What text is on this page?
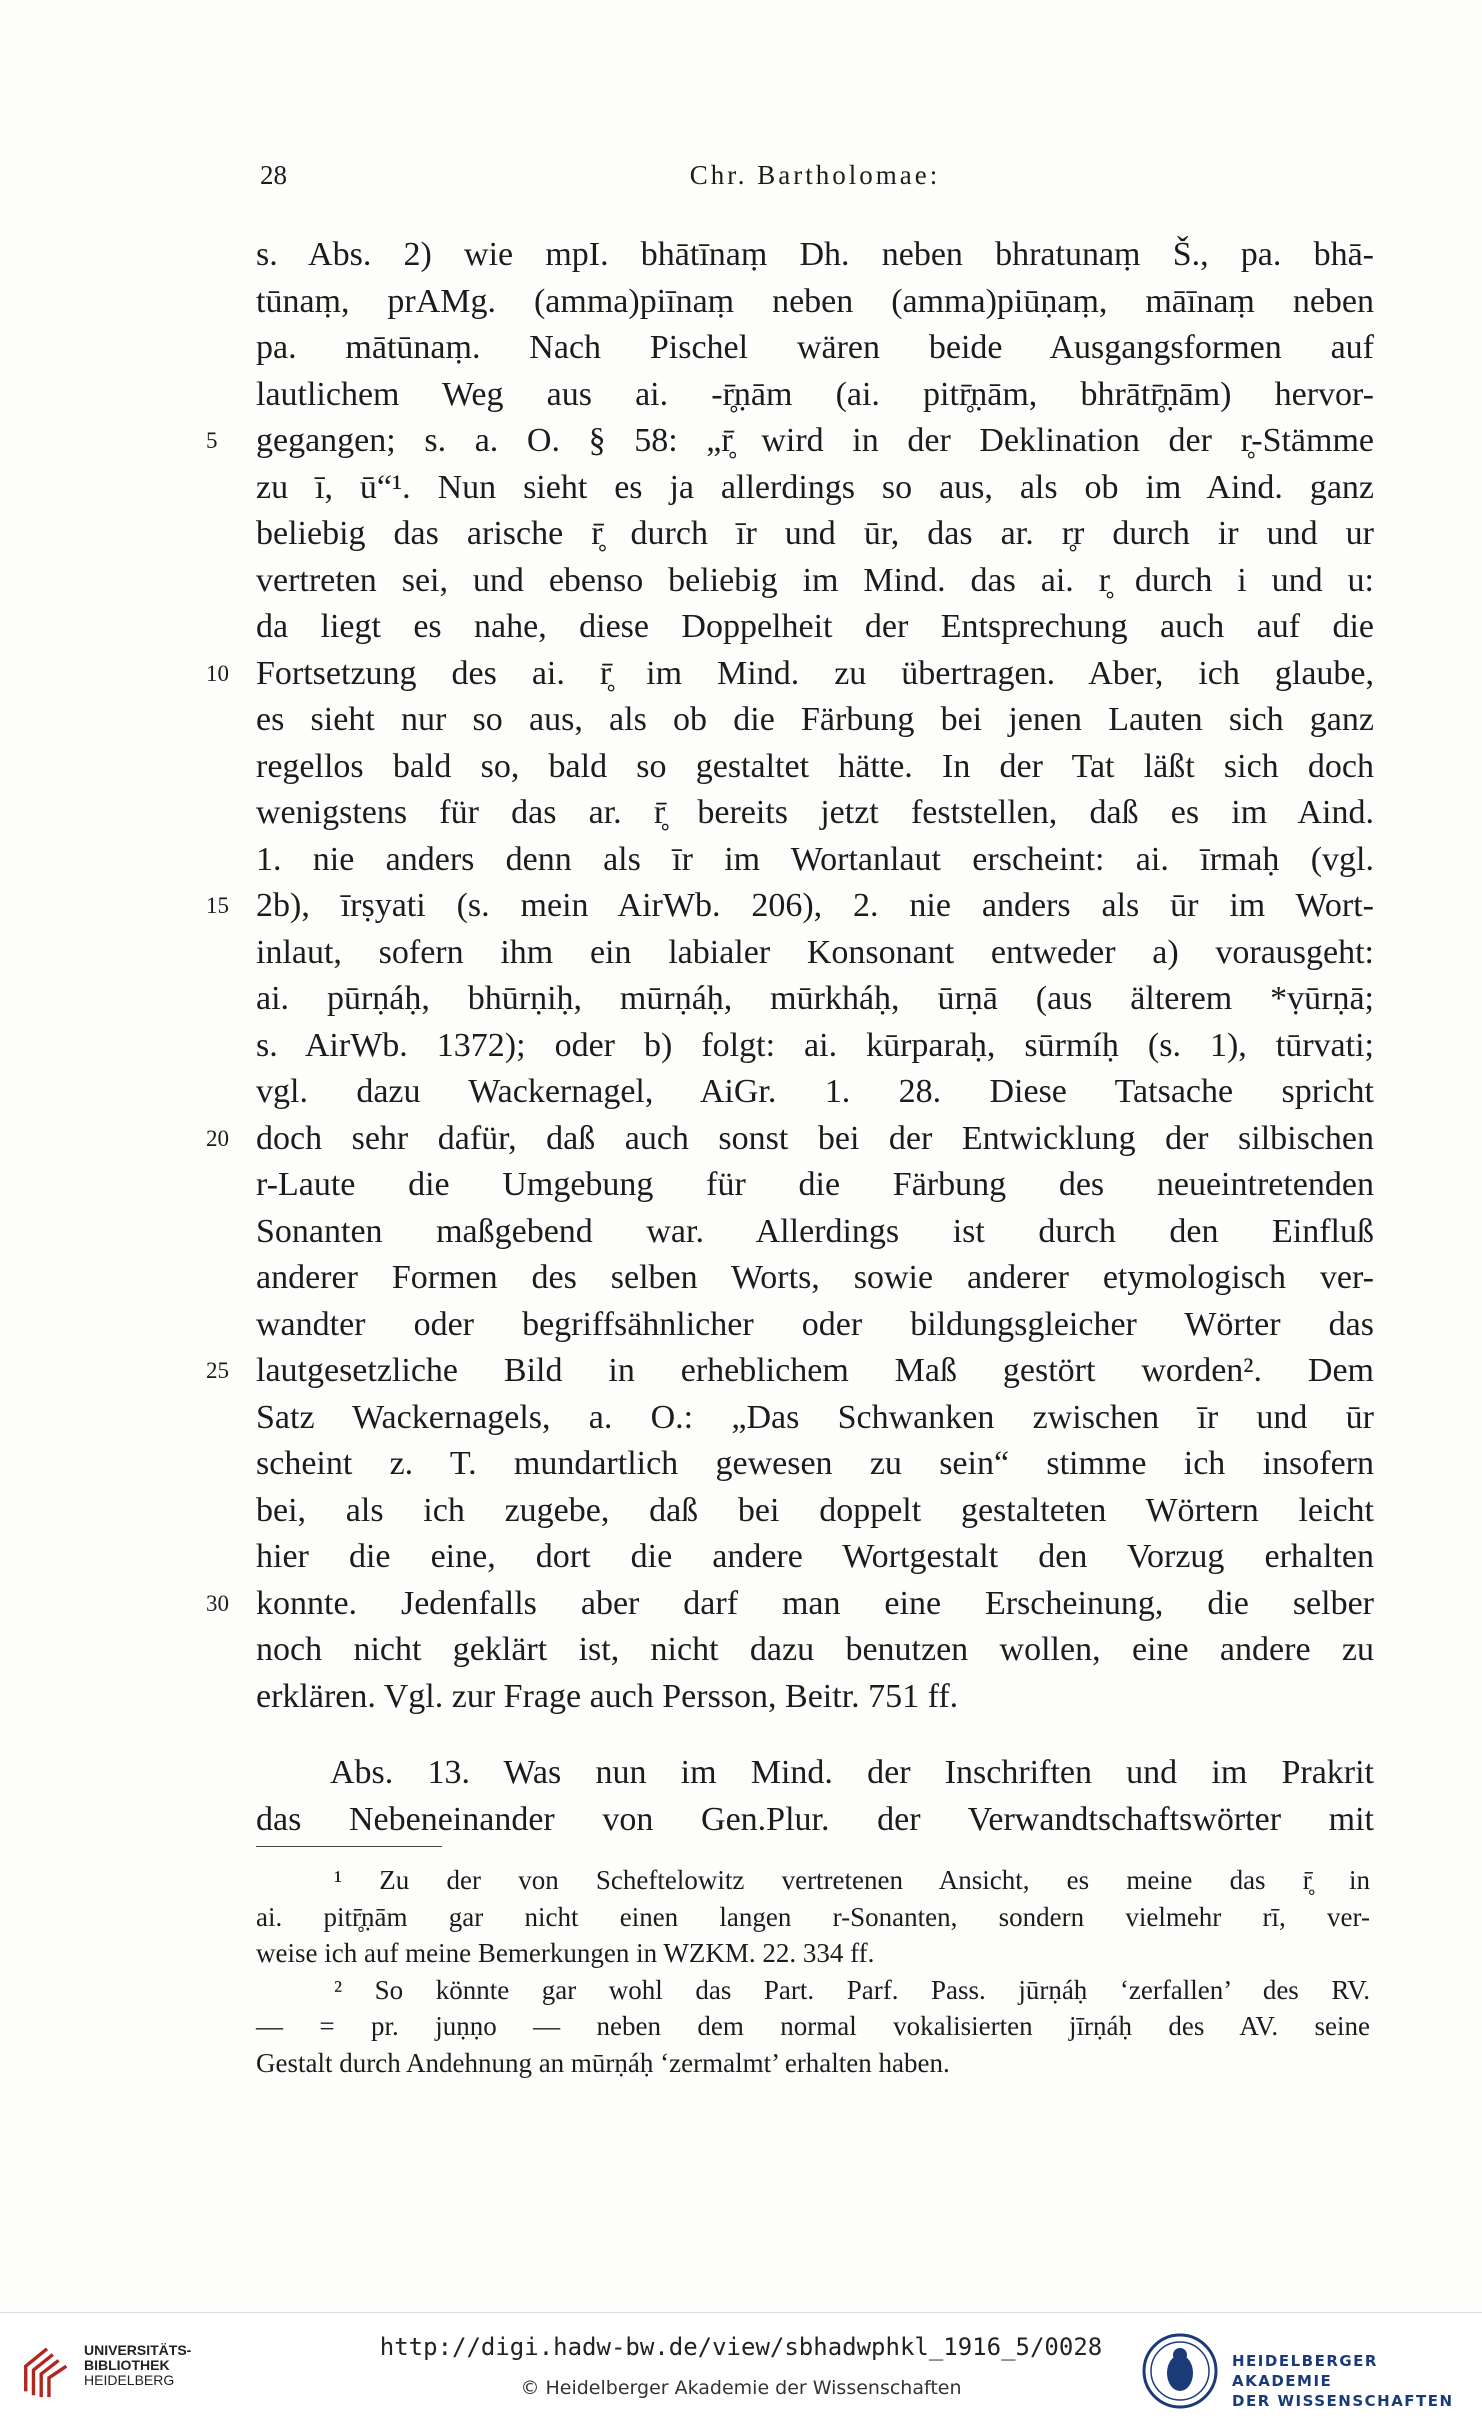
28	Chr. Bartholomae:
s. Abs. 2) wie mpI. bhātīnaṃ Dh. neben bhratunaṃ Š., pa. bhā-
tūnaṃ, prAMg. (amma)piīnaṃ neben (amma)piūṇaṃ, māīnaṃ neben
pa. mātūnaṃ. Nach Pischel wären beide Ausgangsformen auf
lautlichem Weg aus ai. -r̥̄ṇām (ai. pitr̥̄ṇām, bhrātr̥̄ṇām) hervor-
5 gegangen; s. a. O. § 58: „r̥̄ wird in der Deklination der r̥-Stämme
zu ī, ū“¹. Nun sieht es ja allerdings so aus, als ob im Aind. ganz
beliebig das arische r̥̄ durch īr und ūr, das ar. r̥r durch ir und ur
vertreten sei, und ebenso beliebig im Mind. das ai. r̥ durch i und u:
da liegt es nahe, diese Doppelheit der Entsprechung auch auf die
10 Fortsetzung des ai. r̥̄ im Mind. zu übertragen. Aber, ich glaube,
es sieht nur so aus, als ob die Färbung bei jenen Lauten sich ganz
regellos bald so, bald so gestaltet hätte. In der Tat läßt sich doch
wenigstens für das ar. r̥̄ bereits jetzt feststellen, daß es im Aind.
1. nie anders denn als īr im Wortanlaut erscheint: ai. īrmaḥ (vgl.
15 2b), īrṣyati (s. mein AirWb. 206), 2. nie anders als ūr im Wort-
inlaut, sofern ihm ein labialer Konsonant entweder a) vorausgeht:
ai. pūrṇáḥ, bhūrṇiḥ, mūrṇáḥ, mūrkháḥ, ūrṇā (aus älterem *ṿūrṇā;
s. AirWb. 1372); oder b) folgt: ai. kūrparaḥ, sūrmíḥ (s. 1), tūrvati;
vgl. dazu Wackernagel, AiGr. 1. 28. Diese Tatsache spricht
20 doch sehr dafür, daß auch sonst bei der Entwicklung der silbischen
r-Laute die Umgebung für die Färbung des neueintretenden
Sonanten maßgebend war. Allerdings ist durch den Einfluß
anderer Formen des selben Worts, sowie anderer etymologisch ver-
wandter oder begriffsähnlicher oder bildungsgleicher Wörter das
25 lautgesetzliche Bild in erheblichem Maß gestört worden². Dem
Satz Wackernagels, a. O.: „Das Schwanken zwischen īr und ūr
scheint z. T. mundartlich gewesen zu sein“ stimme ich insofern
bei, als ich zugebe, daß bei doppelt gestalteten Wörtern leicht
hier die eine, dort die andere Wortgestalt den Vorzug erhalten
30 konnte. Jedenfalls aber darf man eine Erscheinung, die selber
noch nicht geklärt ist, nicht dazu benutzen wollen, eine andere zu
erklären. Vgl. zur Frage auch Persson, Beitr. 751 ff.
Abs. 13. Was nun im Mind. der Inschriften und im Prakrit
das Nebeneinander von Gen.Plur. der Verwandtschaftswörter mit
¹ Zu der von Scheftelowitz vertretenen Ansicht, es meine das r̥̄ in
ai. pitr̥̄ṇām gar nicht einen langen r-Sonanten, sondern vielmehr rī, ver-
weise ich auf meine Bemerkungen in WZKM. 22. 334 ff.
² So könnte gar wohl das Part. Parf. Pass. jūrṇáḥ ʻzerfallen’ des RV.
— = pr. juṇṇo — neben dem normal vokalisierten jīrṇáḥ des AV. seine
Gestalt durch Andehnung an mūrṇáḥ ʻzermalmt’ erhalten haben.
UNIVERSITÄTS-
BIBLIOTHEK
HEIDELBERG
http://digi.hadw-bw.de/view/sbhadwphkl_1916_5/0028
© Heidelberger Akademie der Wissenschaften
HEIDELBERGER AKADEMIE
DER WISSENSCHAFTEN
